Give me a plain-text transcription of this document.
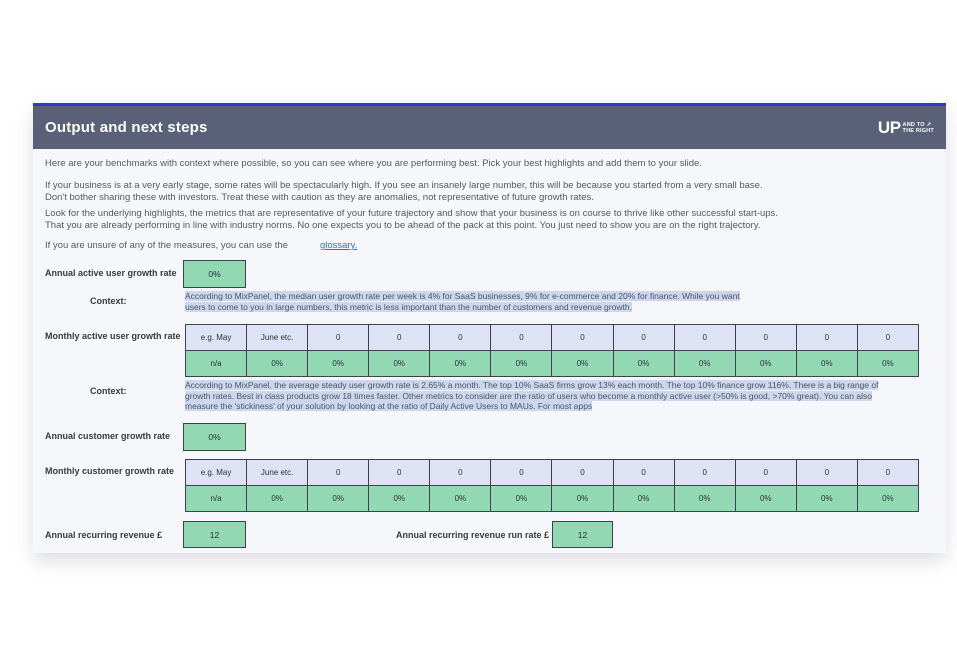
Output and next steps	UP AND TO ↗
THE RIGHT
Here are your benchmarks with context where possible, so you can see where you are performing best. Pick your best highlights and add them to your slide.
If your business is at a very early stage, some rates will be spectacularly high. If you see an insanely large number, this will be because you started from a very small base.
Don't bother sharing these with investors. Treat these with caution as they are anomalies, not representative of future growth rates.
Look for the underlying highlights, the metrics that are representative of your future trajectory and show that your business is on course to thrive like other successful start-ups.
That you are already performing in line with industry norms. No one expects you to be ahead of the pack at this point. You just need to show you are on the right trajectory.
If you are unsure of any of the measures, you can use the	glossary.
Annual active user growth rate	0%
Context:	According to MixPanel, the median user growth rate per week is 4% for SaaS businesses, 9% for e-commerce and 20% for finance. While you want users to come to you in large numbers, this metric is less important than the number of customers and revenue growth.
Monthly active user growth rate	e.g. May	June etc.	0	0	0	0	0	0	0	0	0	0
n/a	0%	0%	0%	0%	0%	0%	0%	0%	0%	0%	0%
Context:
According to MixPanel, the average steady user growth rate is 2.65% a month. The top 10% SaaS firms grow 13% each month. The top 10% finance grow 116%. There is a big range of growth rates. Best in class products grow 18 times faster. Other metrics to consider are the ratio of users who become a monthly active user (>50% is good, >70% great). You can also measure the 'stickiness' of your solution by looking at the ratio of Daily Active Users to MAUs. For most apps
Annual customer growth rate	0%
Monthly customer growth rate	e.g. May	June etc.	0	0	0	0	0	0	0	0	0	0
n/a	0%	0%	0%	0%	0%	0%	0%	0%	0%	0%	0%
Annual recurring revenue £	12	Annual recurring revenue run rate £	12
